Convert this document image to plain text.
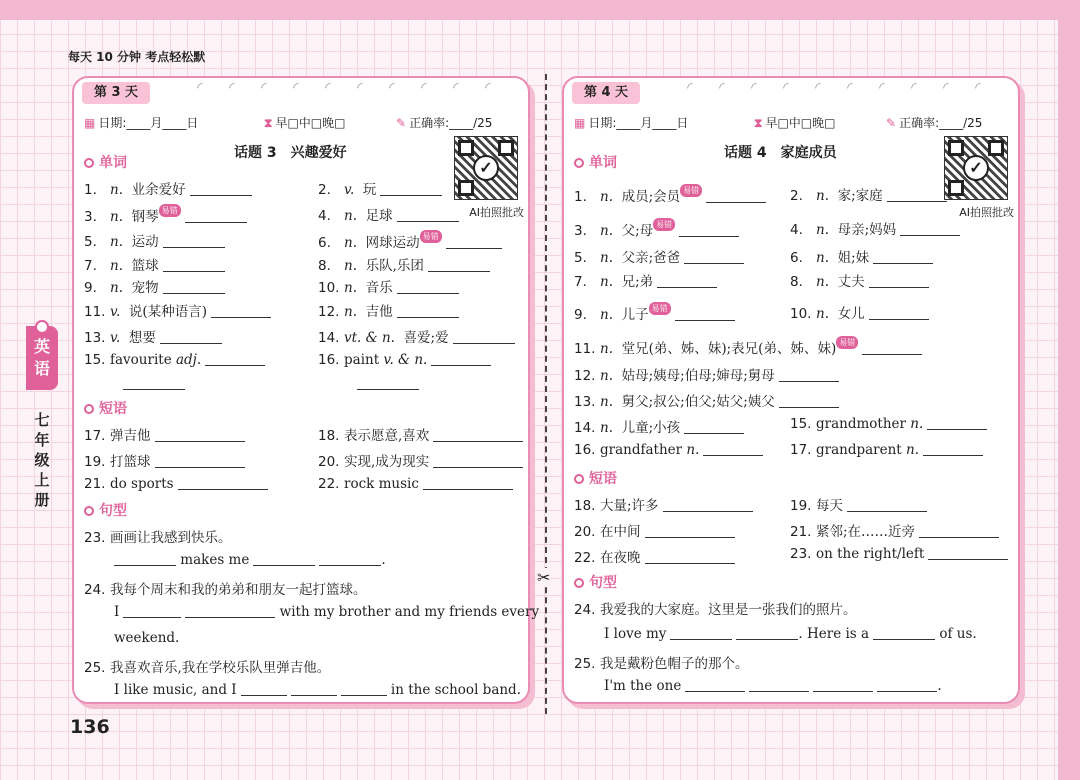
每天 10 分钟 考点轻松默
136
英语
七年级上册
✂
第 3 天	◜ ◜ ◜ ◜ ◜ ◜ ◜ ◜ ◜ ◜
▦ 日期:____月____日	⧗ 早□中□晚□	✎ 正确率:____/25
话题 3　兴趣爱好
✓
AI拍照批改
单词
短语
句型
23. 画画让我感到快乐。
makes me	.
24. 我每个周末和我的弟弟和朋友一起打篮球。
I	with my brother and my friends every
weekend.
25. 我喜欢音乐,我在学校乐队里弹吉他。
I like music, and I	in the school band.
1. n. 业余爱好	2. v. 玩
3. n. 钢琴 易错	4. n. 足球
5. n. 运动	6. n. 网球运动 易错
7. n. 篮球	8. n. 乐队,乐团
9. n. 宠物	10. n. 音乐
11. v. 说(某种语言)	12. n. 吉他
13. v. 想要	14. vt. & n. 喜爱;爱
15. favourite adj.	16. paint v. & n.

17. 弹吉他	18. 表示愿意,喜欢
19. 打篮球	20. 实现,成为现实
21. do sports	22. rock music
第 4 天	◜ ◜ ◜ ◜ ◜ ◜ ◜ ◜ ◜ ◜
▦ 日期:____月____日	⧗ 早□中□晚□	✎ 正确率:____/25
话题 4　家庭成员
✓
AI拍照批改
单词
短语
句型
24. 我爱我的大家庭。这里是一张我们的照片。
I love my	. Here is a	of us.
25. 我是戴粉色帽子的那个。
I'm the one	.
1. n. 成员;会员 易错	2. n. 家;家庭
3. n. 父;母 易错	4. n. 母亲;妈妈
5. n. 父亲;爸爸	6. n. 姐;妹
7. n. 兄;弟	8. n. 丈夫
9. n. 儿子 易错	10. n. 女儿
11. n. 堂兄(弟、姊、妹);表兄(弟、姊、妹) 易错
12. n. 姑母;姨母;伯母;婶母;舅母
13. n. 舅父;叔公;伯父;姑父;姨父
14. n. 儿童;小孩	15. grandmother n.
16. grandfather n.	17. grandparent n.
18. 大量;许多	19. 每天
20. 在中间	21. 紧邻;在……近旁
22. 在夜晚	23. on the right/left
